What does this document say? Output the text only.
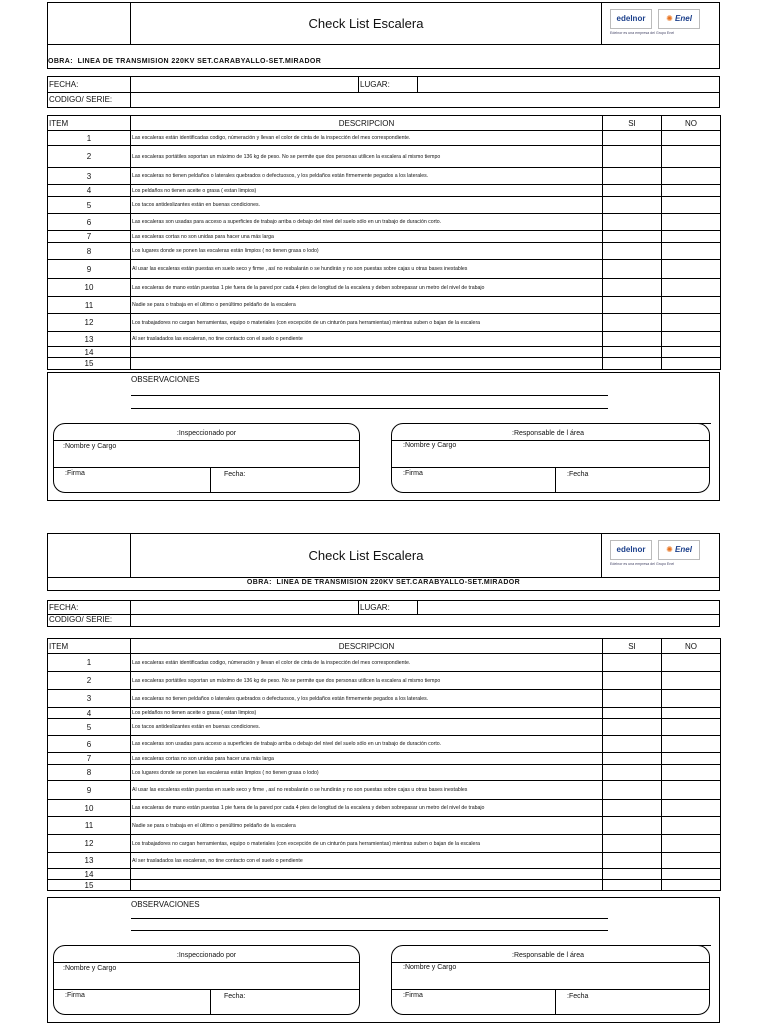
Check List Escalera	edelnor	✺ Enel
Edelnor es una empresa del Grupo Enel
OBRA: LINEA DE TRANSMISION 220KV SET.CARABYALLO-SET.MIRADOR
FECHA:	LUGAR:
CODIGO/ SERIE:
ITEM	DESCRIPCION	SI	NO
1	Las escaleras están identificadas codigo, númeración y llevan el color de cinta de la inspección del mes correspondiente.		
2	Las escaleras portátiles soportan un máximo de 136 kg de peso. No se permite que dos personas utilicen la escalera al mismo tiempo		
3	Las escaleras no tienen peldaños o laterales quebrados o defectuosos, y los peldaños están firmemente pegados a los laterales.		
4	Los peldaños no tienen aceite o grasa ( estan limpios)		
5	Los tacos antideslizantes están en buenas condiciones.		
6	Las escaleras son usadas para acceso a superficies de trabajo arriba o debajo del nivel del suelo sólo en un trabajo de duración corto.		
7	Las escaleras cortas no son unidas para hacer una más larga		
8	Los lugares donde se ponen las escaleras están limpios ( no tienen grasa o lodo)		
9	Al usar las escaleras están puestas en suelo seco y firme , así no resbalarán o se hundirán y no son puestas sobre cajas u otras bases inestables		
10	Las escaleras de mano están puestas 1 pie fuera de la pared por cada 4 pies de longitud de la escalera y deben sobrepasar un metro del nivel de trabajo		
11	Nadie se para o trabaja en el último o penúltimo peldaño de la escalera		
12	Los trabajadores no cargan herramientas, equipo o materiales (con excepción de un cinturón para herramientas) mientras suben o bajan de la escalera		
13	Al ser trasladados las escaleran, no tine contacto con el suelo o pendiente		
14			
15			
OBSERVACIONES
:Inspeccionado por
:Nombre y Cargo
:Firma	Fecha:
:Responsable de l área
:Nombre y Cargo
:Firma	:Fecha
Check List Escalera	edelnor	✺ Enel
Edelnor es una empresa del Grupo Enel
OBRA: LINEA DE TRANSMISION 220KV SET.CARABYALLO-SET.MIRADOR
FECHA:	LUGAR:
CODIGO/ SERIE:
ITEM	DESCRIPCION	SI	NO
1	Las escaleras están identificadas codigo, númeración y llevan el color de cinta de la inspección del mes correspondiente.		
2	Las escaleras portátiles soportan un máximo de 136 kg de peso. No se permite que dos personas utilicen la escalera al mismo tiempo		
3	Las escaleras no tienen peldaños o laterales quebrados o defectuosos, y los peldaños están firmemente pegados a los laterales.		
4	Los peldaños no tienen aceite o grasa ( estan limpios)		
5	Los tacos antideslizantes están en buenas condiciones.		
6	Las escaleras son usadas para acceso a superficies de trabajo arriba o debajo del nivel del suelo sólo en un trabajo de duración corto.		
7	Las escaleras cortas no son unidas para hacer una más larga		
8	Los lugares donde se ponen las escaleras están limpios ( no tienen grasa o lodo)		
9	Al usar las escaleras están puestas en suelo seco y firme , así no resbalarán o se hundirán y no son puestas sobre cajas u otras bases inestables		
10	Las escaleras de mano están puestas 1 pie fuera de la pared por cada 4 pies de longitud de la escalera y deben sobrepasar un metro del nivel de trabajo		
11	Nadie se para o trabaja en el último o penúltimo peldaño de la escalera		
12	Los trabajadores no cargan herramientas, equipo o materiales (con excepción de un cinturón para herramientas) mientras suben o bajan de la escalera		
13	Al ser trasladados las escaleran, no tine contacto con el suelo o pendiente		
14			
15			
OBSERVACIONES
:Inspeccionado por
:Nombre y Cargo
:Firma	Fecha:
:Responsable de l área
:Nombre y Cargo
:Firma	:Fecha
